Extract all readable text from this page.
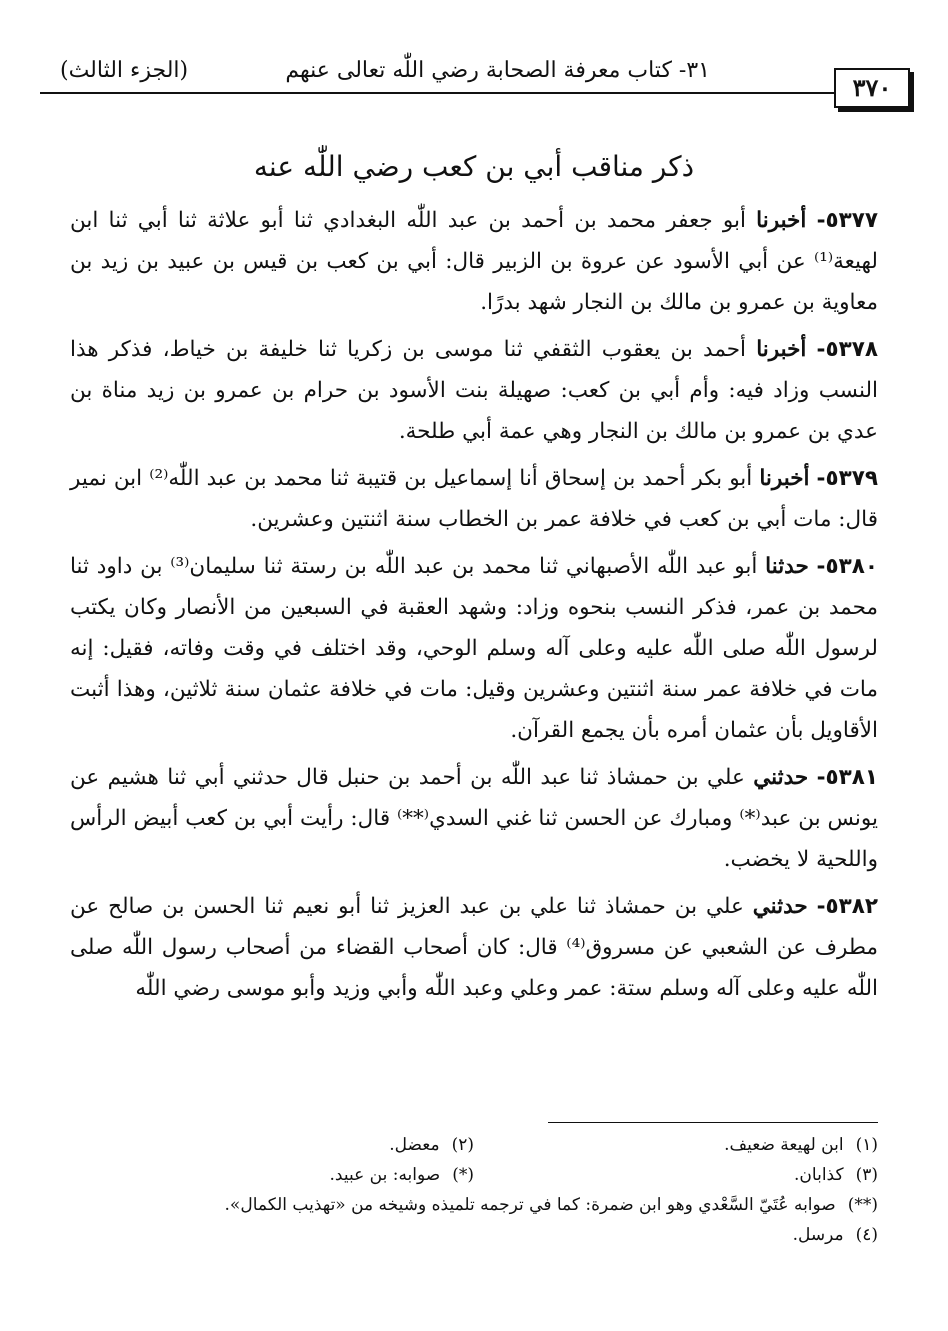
٣٧٠
٣١- كتاب معرفة الصحابة رضي اللّٰه تعالى عنهم
(الجزء الثالث)
ذكر مناقب أبي بن كعب رضي اللّٰه عنه

٥٣٧٧- أخبرنا أبو جعفر محمد بن أحمد بن عبد اللّٰه البغدادي ثنا أبو علاثة ثنا أبي ثنا ابن لهيعة⁽¹⁾ عن أبي الأسود عن عروة بن الزبير قال: أبي بن كعب بن قيس بن عبيد بن زيد بن معاوية بن عمرو بن مالك بن النجار شهد بدرًا.

٥٣٧٨- أخبرنا أحمد بن يعقوب الثقفي ثنا موسى بن زكريا ثنا خليفة بن خياط، فذكر هذا النسب وزاد فيه: وأم أبي بن كعب: صهيلة بنت الأسود بن حرام بن عمرو بن زيد مناة بن عدي بن عمرو بن مالك بن النجار وهي عمة أبي طلحة.

٥٣٧٩- أخبرنا أبو بكر أحمد بن إسحاق أنا إسماعيل بن قتيبة ثنا محمد بن عبد اللّٰه⁽²⁾ ابن نمير قال: مات أبي بن كعب في خلافة عمر بن الخطاب سنة اثنتين وعشرين.

٥٣٨٠- حدثنا أبو عبد اللّٰه الأصبهاني ثنا محمد بن عبد اللّٰه بن رستة ثنا سليمان⁽³⁾ بن داود ثنا محمد بن عمر، فذكر النسب بنحوه وزاد: وشهد العقبة في السبعين من الأنصار وكان يكتب لرسول اللّٰه صلى اللّٰه عليه وعلى آله وسلم الوحي، وقد اختلف في وقت وفاته، فقيل: إنه مات في خلافة عمر سنة اثنتين وعشرين وقيل: مات في خلافة عثمان سنة ثلاثين، وهذا أثبت الأقاويل بأن عثمان أمره بأن يجمع القرآن.

٥٣٨١- حدثني علي بن حمشاذ ثنا عبد اللّٰه بن أحمد بن حنبل قال حدثني أبي ثنا هشيم عن يونس بن عبد⁽*⁾ ومبارك عن الحسن ثنا غني السدي⁽**⁾ قال: رأيت أبي بن كعب أبيض الرأس واللحية لا يخضب.

٥٣٨٢- حدثني علي بن حمشاذ ثنا علي بن عبد العزيز ثنا أبو نعيم ثنا الحسن بن صالح عن مطرف عن الشعبي عن مسروق⁽⁴⁾ قال: كان أصحاب القضاء من أصحاب رسول اللّٰه صلى اللّٰه عليه وعلى آله وسلم ستة: عمر وعلي وعبد اللّٰه وأبي وزيد وأبو موسى رضي اللّٰه

(١)ابن لهيعة ضعيف.
(٢)معضل.
(٣)كذابان.
(*)صوابه: بن عبيد.
(**)صوابه عُتَيّ السَّعْدي وهو ابن ضمرة: كما في ترجمه تلميذه وشيخه من «تهذيب الكمال».
(٤)مرسل.
